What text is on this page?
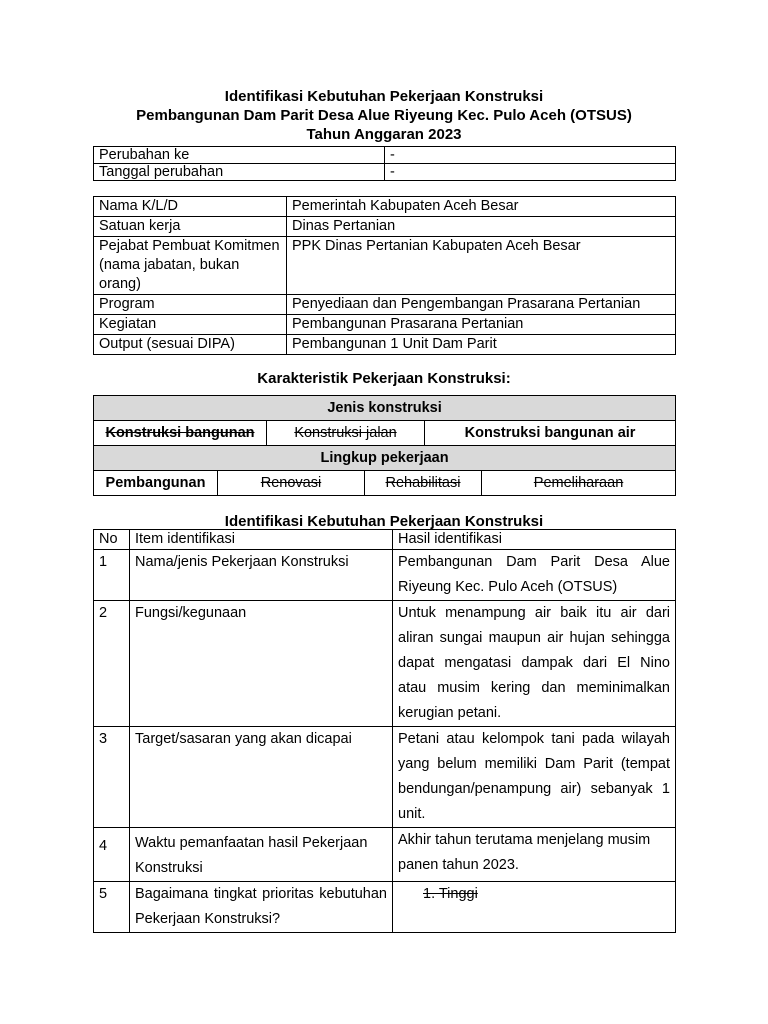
Identifikasi Kebutuhan Pekerjaan Konstruksi
Pembangunan Dam Parit Desa Alue Riyeung Kec. Pulo Aceh (OTSUS)
Tahun Anggaran 2023
Perubahan ke	-
Tanggal perubahan	-
Nama K/L/D	Pemerintah Kabupaten Aceh Besar
Satuan kerja	Dinas Pertanian
Pejabat Pembuat Komitmen (nama jabatan, bukan orang)	PPK Dinas Pertanian Kabupaten Aceh Besar
Program	Penyediaan dan Pengembangan Prasarana Pertanian
Kegiatan	Pembangunan Prasarana Pertanian
Output (sesuai DIPA)	Pembangunan 1 Unit Dam Parit
Karakteristik Pekerjaan Konstruksi:
Jenis konstruksi					
Konstruksi bangunan		Konstruksi jalan		Konstruksi bangunan air	
Lingkup pekerjaan					
Pembangunan	Renovasi		Rehabilitasi		Pemeliharaan
Identifikasi Kebutuhan Pekerjaan Konstruksi
No	Item identifikasi	Hasil identifikasi
1	Nama/jenis Pekerjaan Konstruksi	Pembangunan Dam Parit Desa Alue Riyeung Kec. Pulo Aceh (OTSUS)
2	Fungsi/kegunaan	Untuk menampung air baik itu air dari aliran sungai maupun air hujan sehingga dapat mengatasi dampak dari El Nino atau musim kering dan meminimalkan kerugian petani.
3	Target/sasaran yang akan dicapai	Petani atau kelompok tani pada wilayah yang belum memiliki Dam Parit (tempat bendungan/penampung air) sebanyak 1 unit.
4	Waktu pemanfaatan hasil Pekerjaan Konstruksi	Akhir tahun terutama menjelang musim panen tahun 2023.
5	Bagaimana tingkat prioritas kebutuhan Pekerjaan Konstruksi?	1. Tinggi
